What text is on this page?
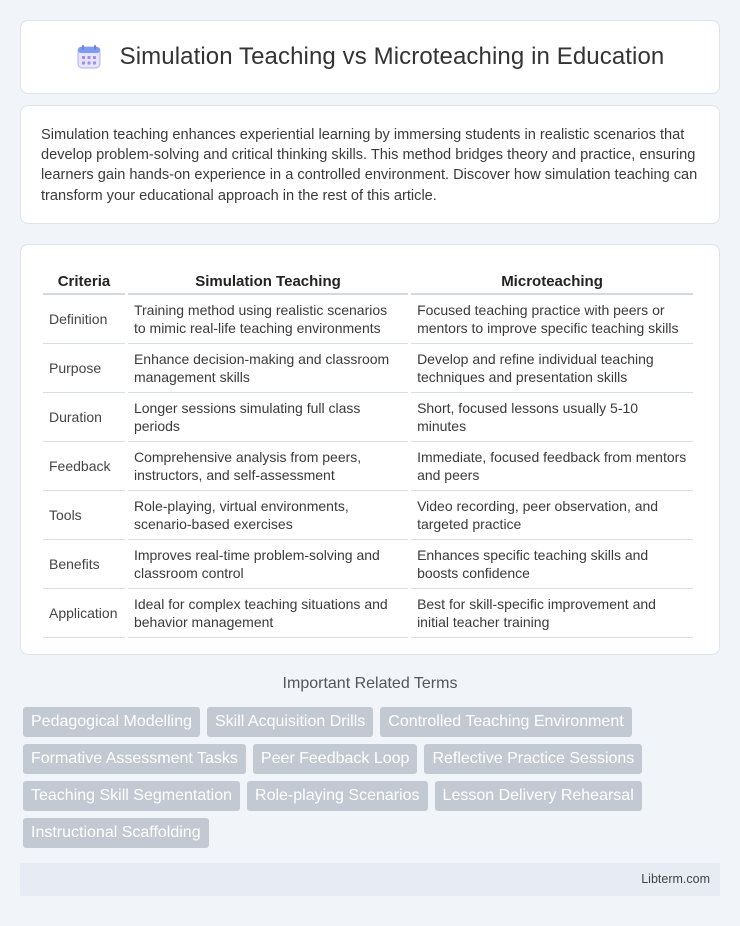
Simulation Teaching vs Microteaching in Education

Simulation teaching enhances experiential learning by immersing students in realistic scenarios that develop problem-solving and critical thinking skills. This method bridges theory and practice, ensuring learners gain hands-on experience in a controlled environment. Discover how simulation teaching can transform your educational approach in the rest of this article.

Criteria	Simulation Teaching	Microteaching
Definition	Training method using realistic scenarios to mimic real-life teaching environments	Focused teaching practice with peers or mentors to improve specific teaching skills
Purpose	Enhance decision-making and classroom management skills	Develop and refine individual teaching techniques and presentation skills
Duration	Longer sessions simulating full class periods	Short, focused lessons usually 5-10 minutes
Feedback	Comprehensive analysis from peers, instructors, and self-assessment	Immediate, focused feedback from mentors and peers
Tools	Role-playing, virtual environments, scenario-based exercises	Video recording, peer observation, and targeted practice
Benefits	Improves real-time problem-solving and classroom control	Enhances specific teaching skills and boosts confidence
Application	Ideal for complex teaching situations and behavior management	Best for skill-specific improvement and initial teacher training
Important Related Terms
Pedagogical Modelling	Skill Acquisition Drills	Controlled Teaching Environment
Formative Assessment Tasks	Peer Feedback Loop	Reflective Practice Sessions
Teaching Skill Segmentation	Role-playing Scenarios	Lesson Delivery Rehearsal
Instructional Scaffolding
Libterm.com
